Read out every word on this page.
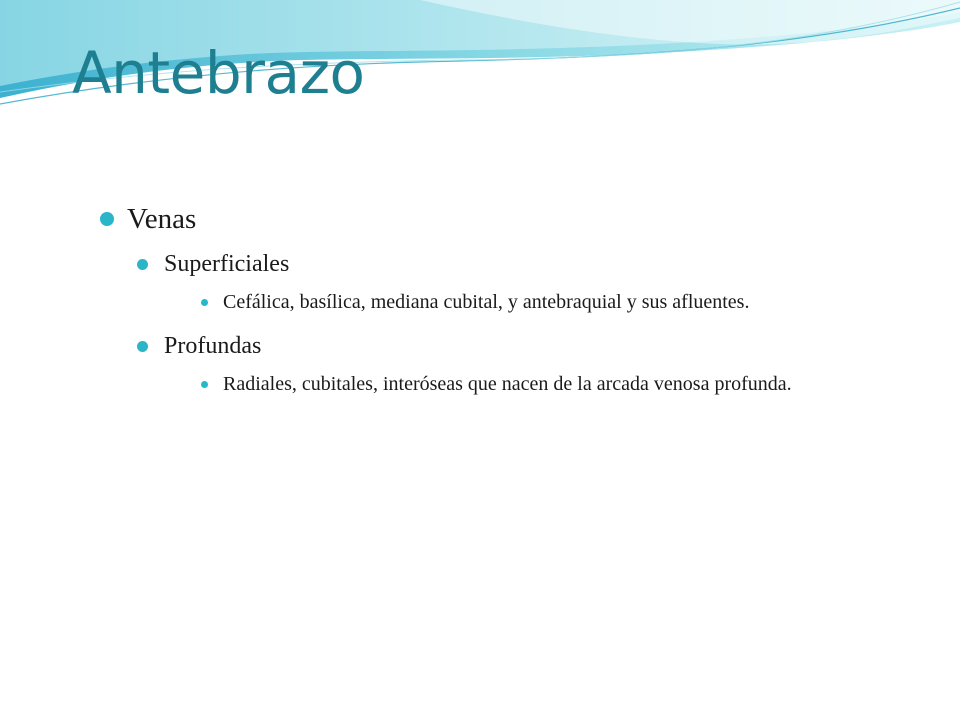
Antebrazo
Venas
Superficiales
Cefálica, basílica, mediana cubital, y antebraquial y sus afluentes.
Profundas
Radiales, cubitales, interóseas que nacen de la arcada venosa profunda.
